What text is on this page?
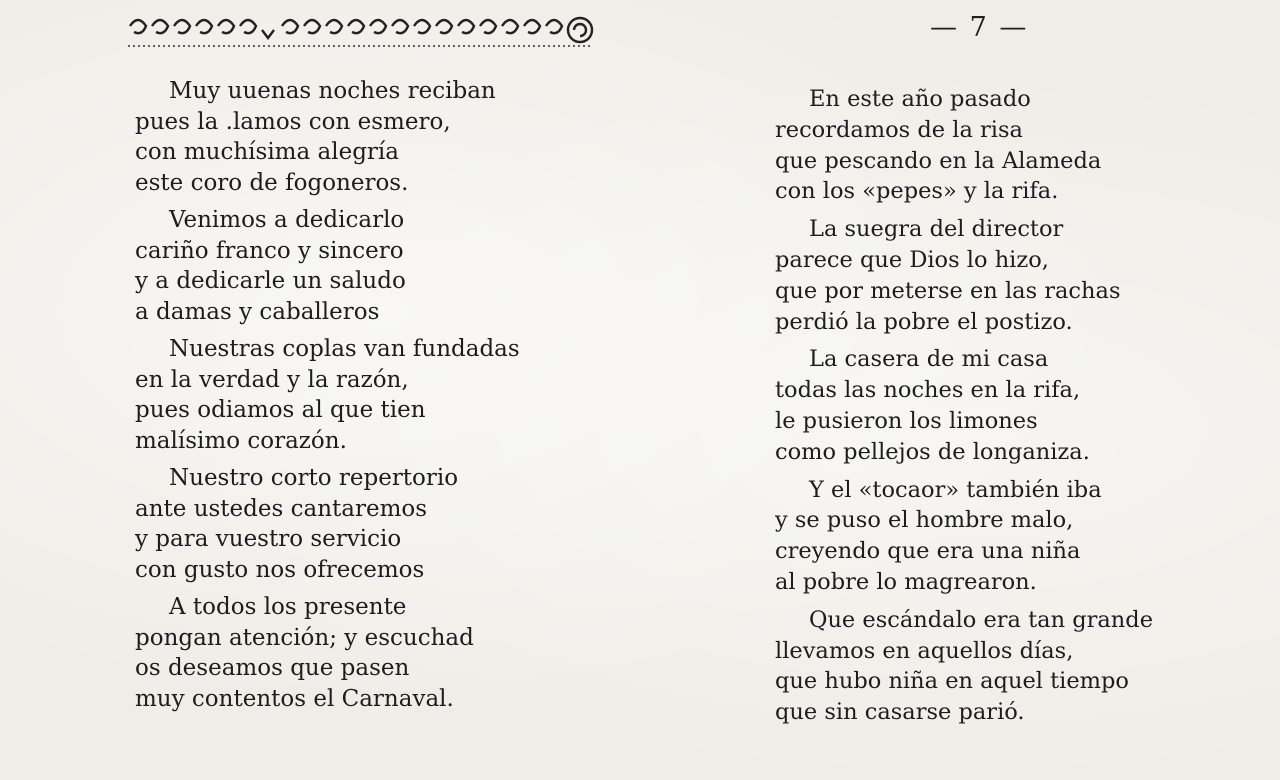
— 7 —
Muy uuenas noches reciban
pues la .lamos con esmero,
con muchísima alegría
este coro de fogoneros.
Venimos a dedicarlo
cariño franco y sincero
y a dedicarle un saludo
a damas y caballeros
Nuestras coplas van fundadas
en la verdad y la razón,
pues odiamos al que tien
malísimo corazón.
Nuestro corto repertorio
ante ustedes cantaremos
y para vuestro servicio
con gusto nos ofrecemos
A todos los presente
pongan atención; y escuchad
os deseamos que pasen
muy contentos el Carnaval.
En este año pasado
recordamos de la risa
que pescando en la Alameda
con los «pepes» y la rifa.
La suegra del director
parece que Dios lo hizo,
que por meterse en las rachas
perdió la pobre el postizo.
La casera de mi casa
todas las noches en la rifa,
le pusieron los limones
como pellejos de longaniza.
Y el «tocaor» también iba
y se puso el hombre malo,
creyendo que era una niña
al pobre lo magrearon.
Que escándalo era tan grande
llevamos en aquellos días,
que hubo niña en aquel tiempo
que sin casarse parió.
